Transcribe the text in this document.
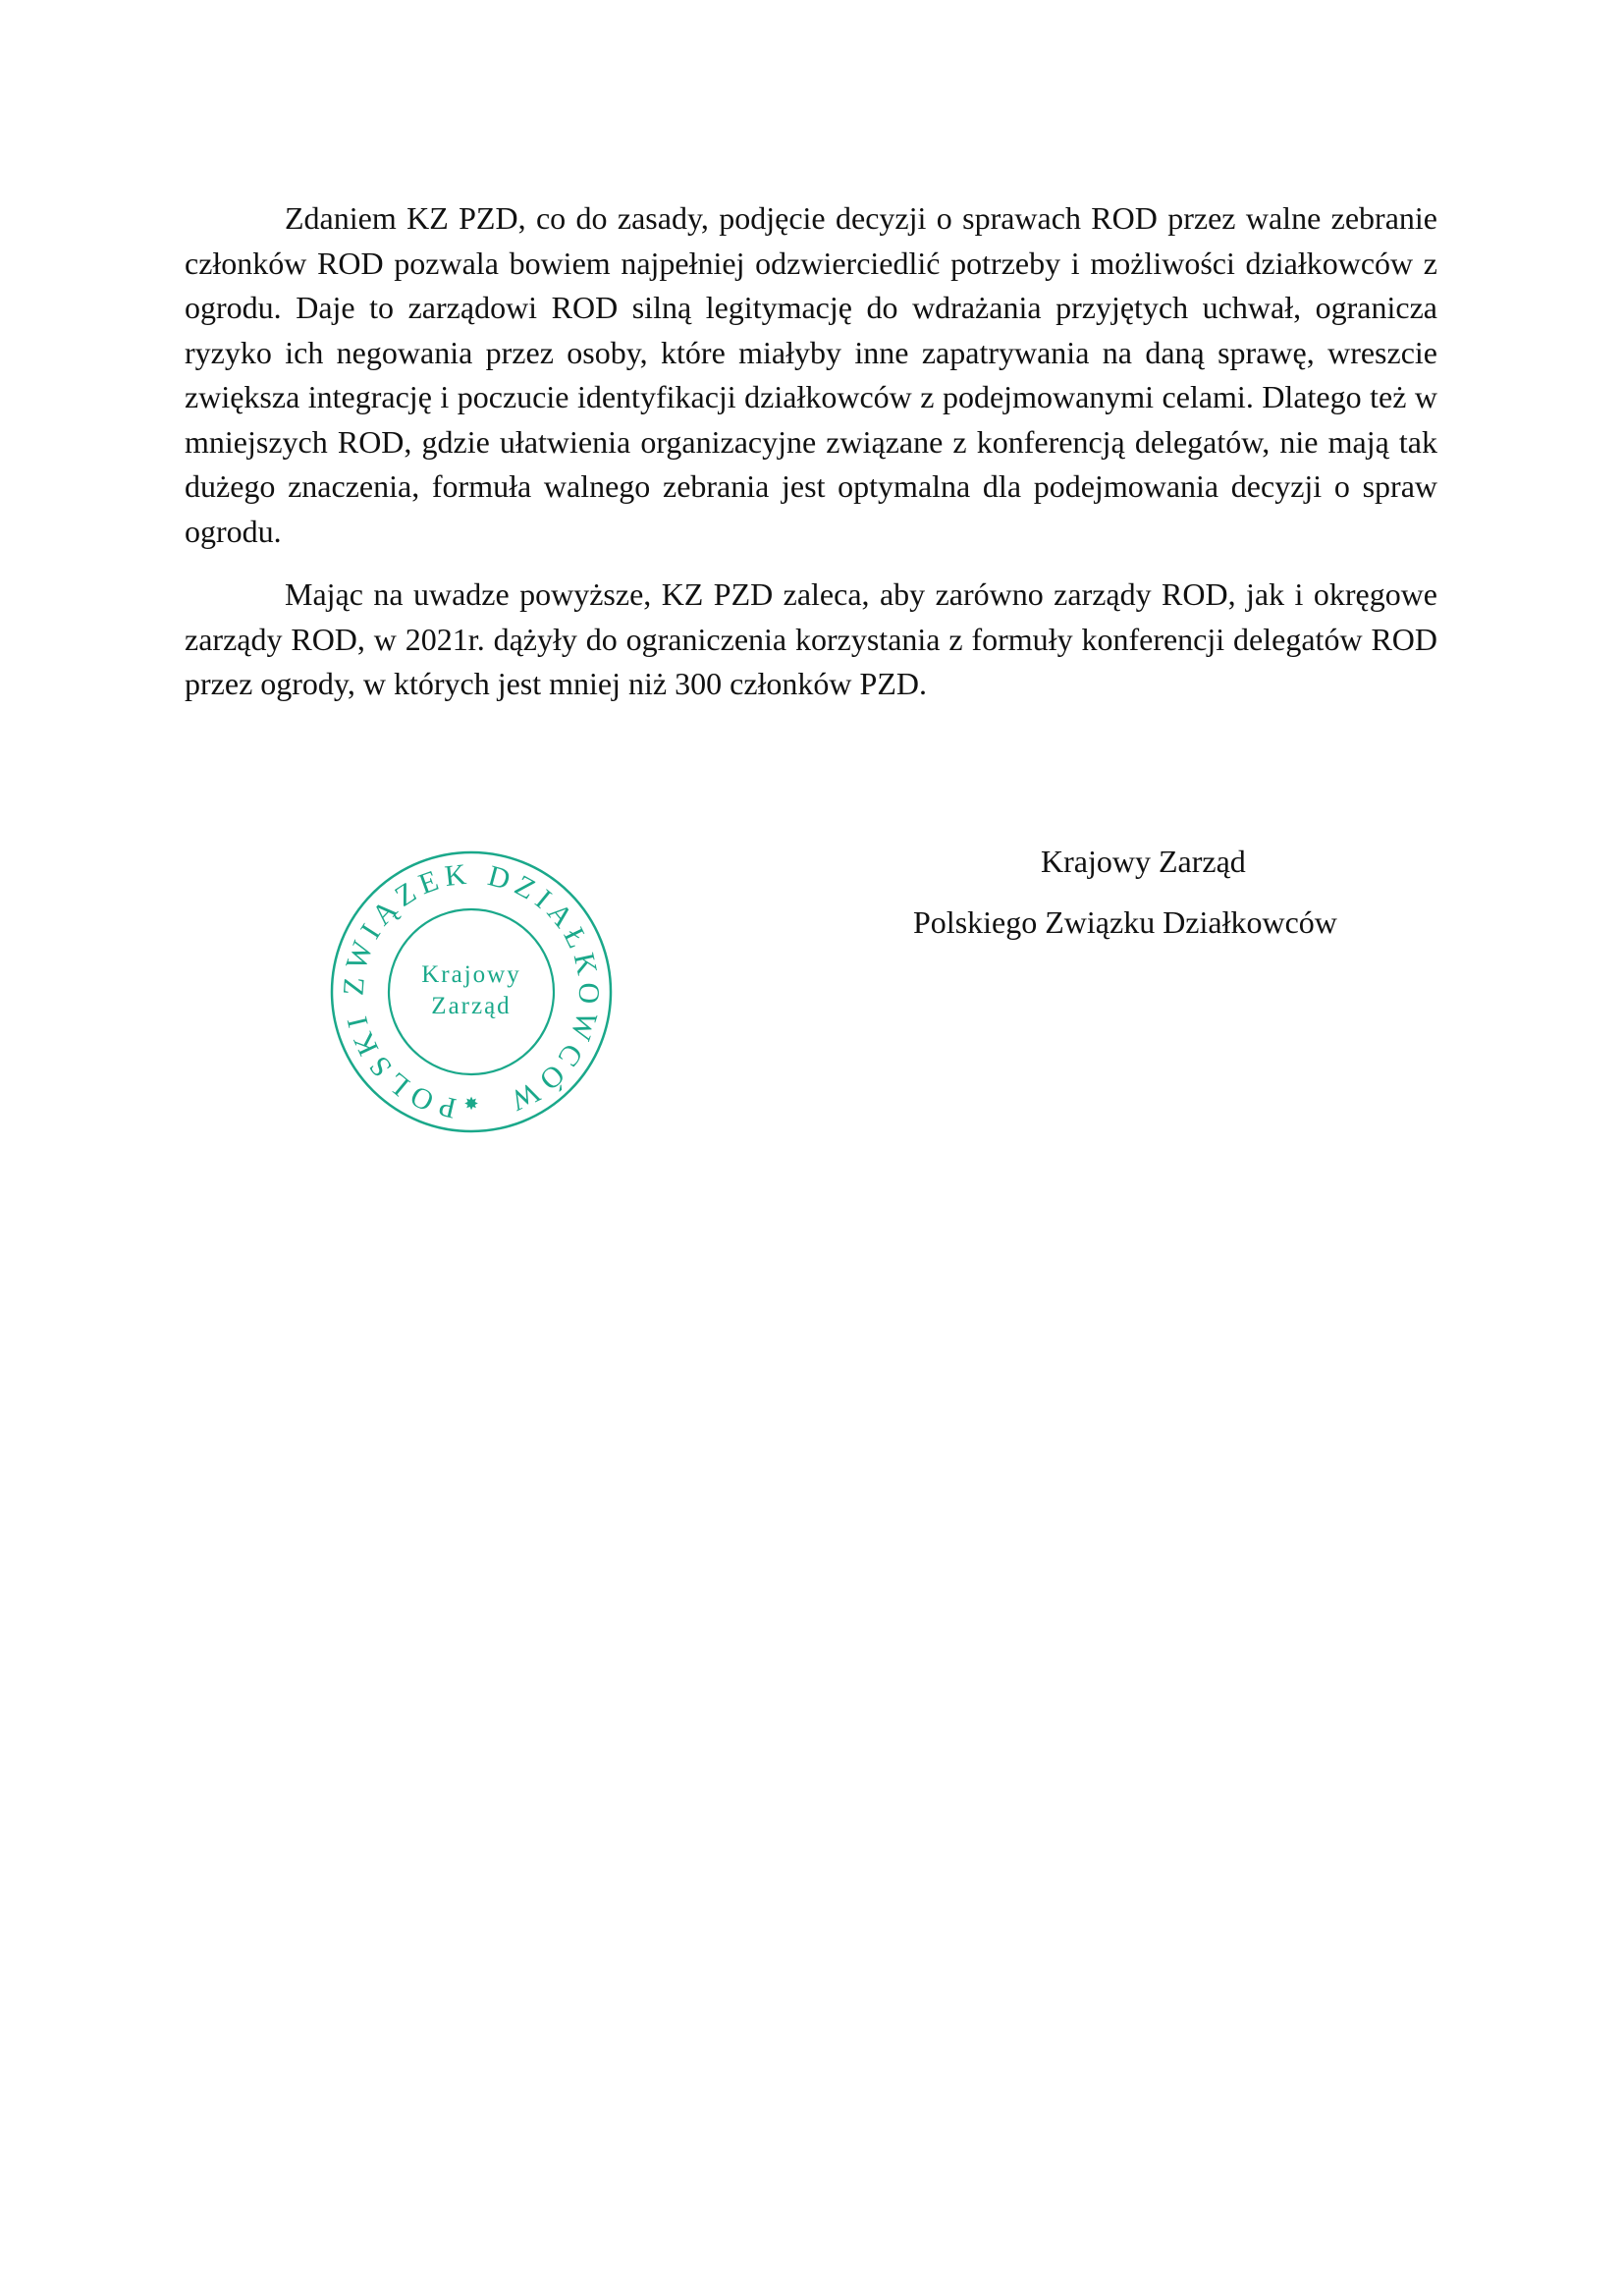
Zdaniem KZ PZD, co do zasady, podjęcie decyzji o sprawach ROD przez walne zebranie członków ROD pozwala bowiem najpełniej odzwierciedlić potrzeby i możliwości działkowców z ogrodu. Daje to zarządowi ROD silną legitymację do wdrażania przyjętych uchwał, ogranicza ryzyko ich negowania przez osoby, które miałyby inne zapatrywania na daną sprawę, wreszcie zwiększa integrację i poczucie identyfikacji działkowców z podejmowanymi celami. Dlatego też w mniejszych ROD, gdzie ułatwienia organizacyjne związane z konferencją delegatów, nie mają tak dużego znaczenia, formuła walnego zebrania jest optymalna dla podejmowania decyzji o spraw ogrodu.

Mając na uwadze powyższe, KZ PZD zaleca, aby zarówno zarządy ROD, jak i okręgowe zarządy ROD, w 2021r. dążyły do ograniczenia korzystania z formuły konferencji delegatów ROD przez ogrody, w których jest mniej niż 300 członków PZD.

Krajowy Zarząd
Polskiego Związku Działkowców
POLSKI ZWIĄZEK DZIAŁKOWCÓW
Krajowy
Zarząd
✸
